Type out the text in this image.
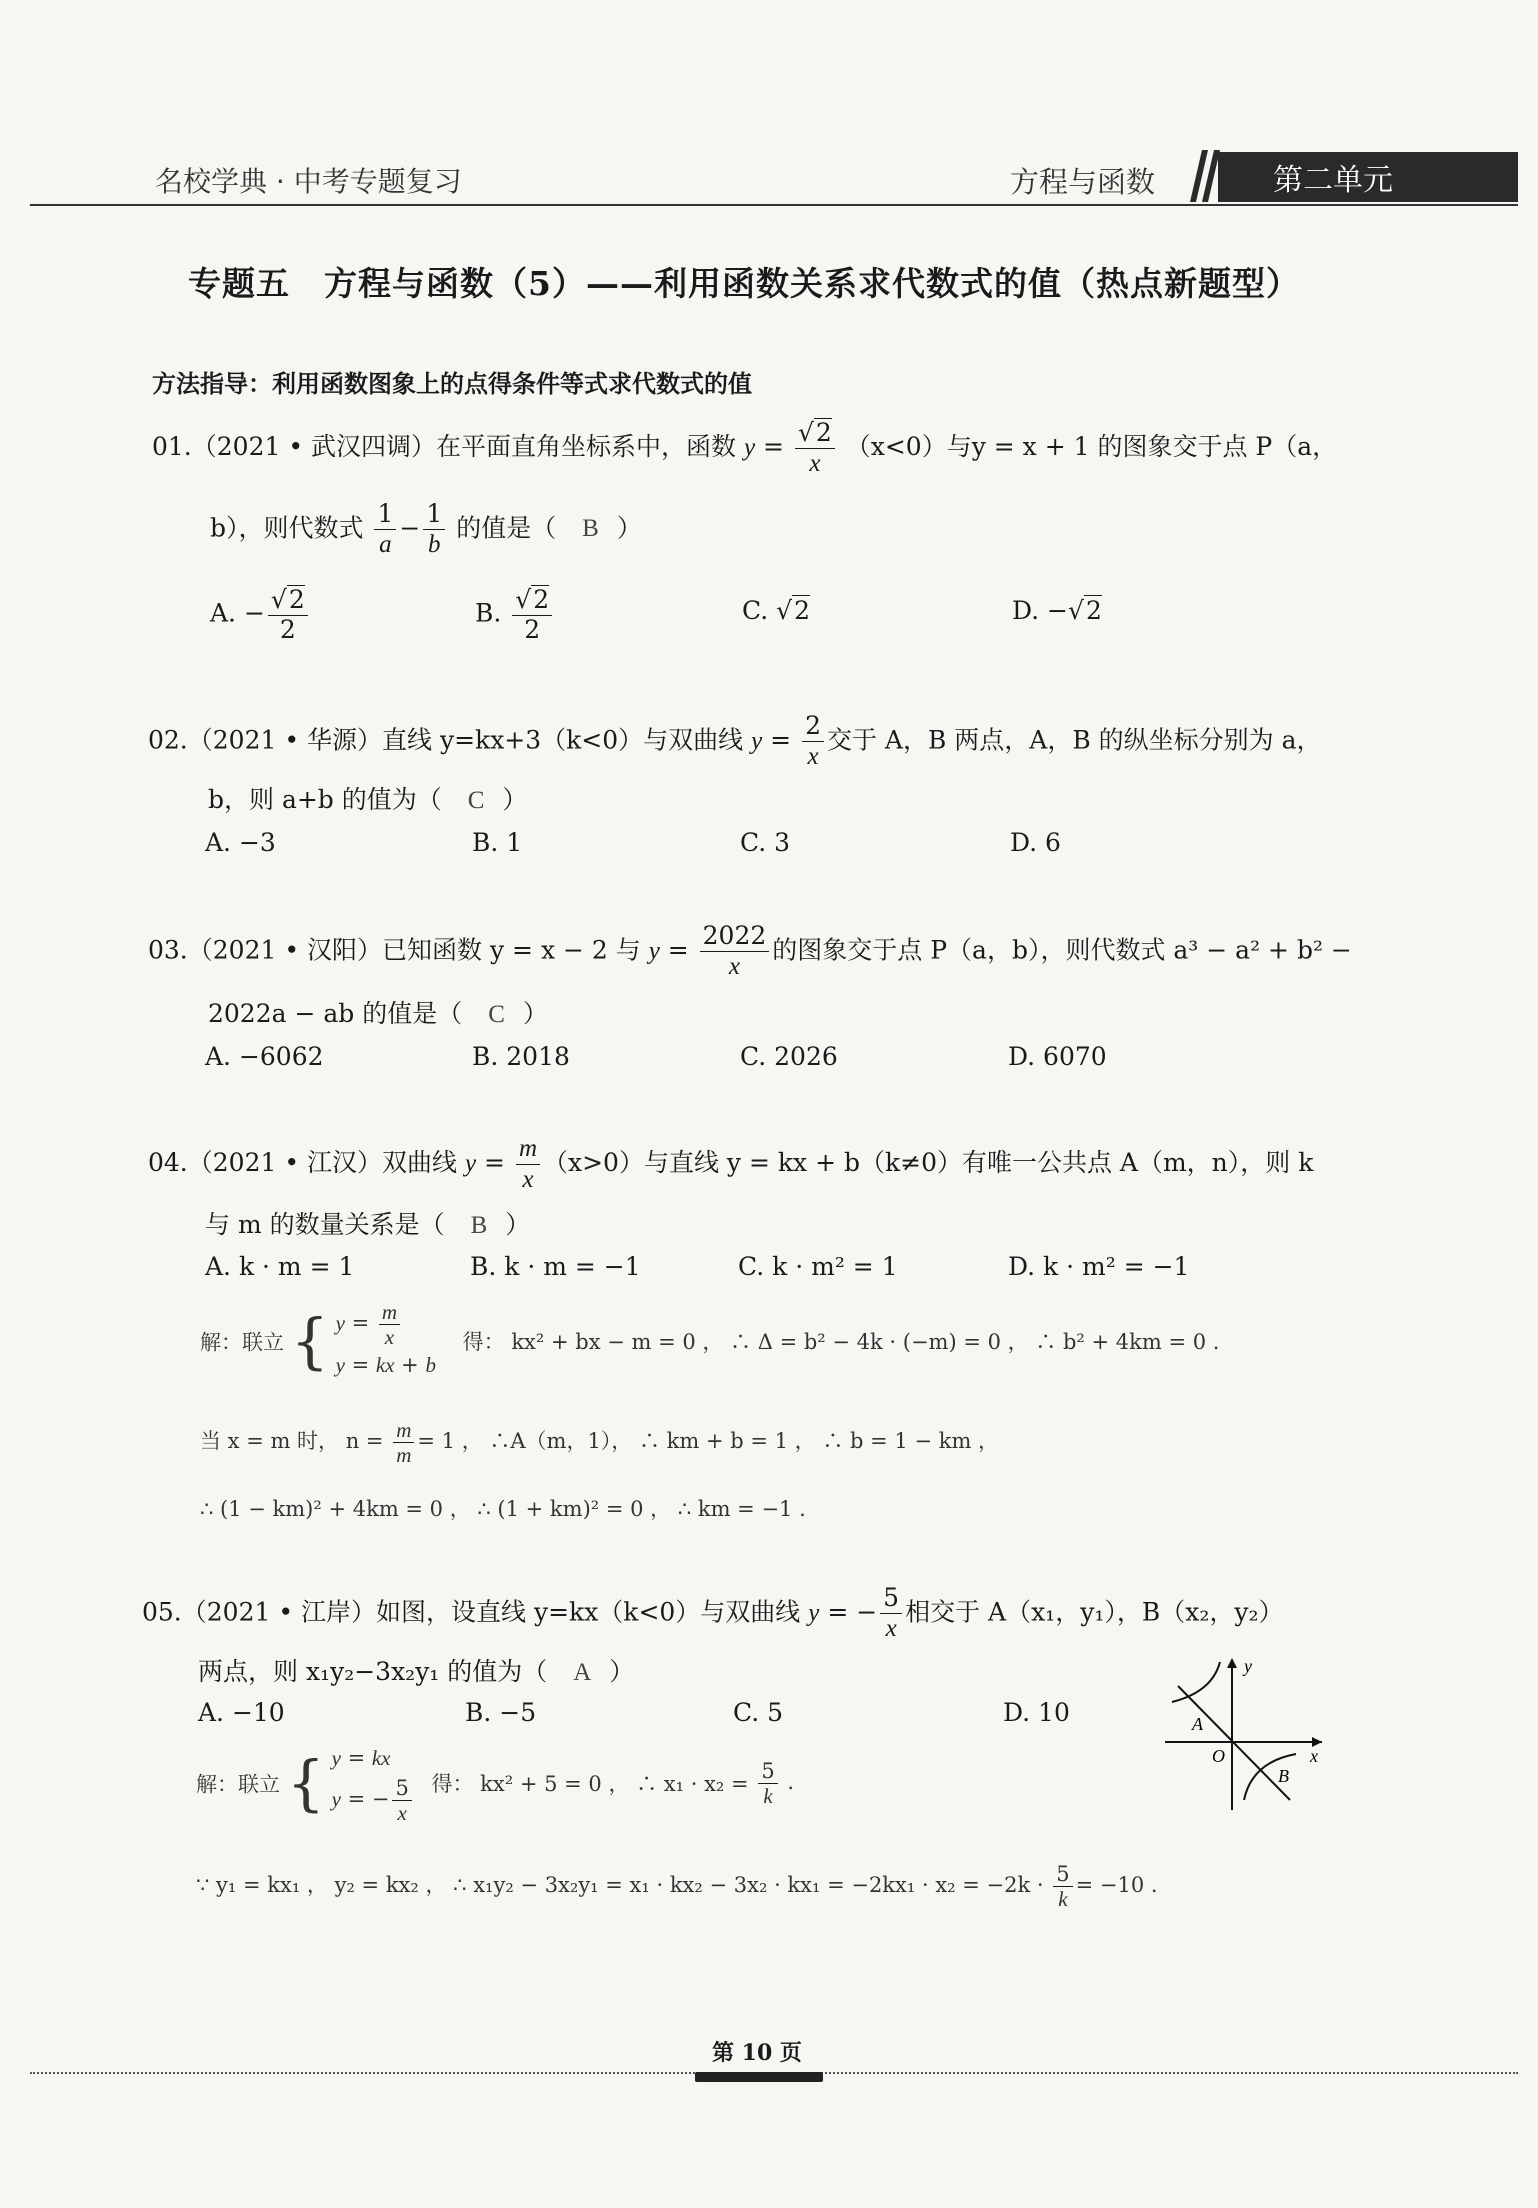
名校学典 · 中考专题复习	方程与函数	第二单元
专题五　方程与函数（5）——利用函数关系求代数式的值（热点新题型）
方法指导：利用函数图象上的点得条件等式求代数式的值
01.（2021 • 武汉四调）在平面直角坐标系中，函数 $y = \frac{√2}{x} (x<0)$与y = x + 1 的图象交于点 P（a，
b），则代数式 $\frac{1}{a} - \frac{1}{b}$ 的值是（ B ）
A. − $\frac{√2}{2}$	B. $\frac{√2}{2}$	C. √2	D. −√2
02.（2021 • 华源）直线 y=kx+3（k<0）与双曲线 $y = \frac{2}{x}$ 交于 A，B 两点，A，B 的纵坐标分别为 a，
b，则 a+b 的值为（ C ）
A. −3	B. 1	C. 3	D. 6
03.（2021 • 汉阳）已知函数 y = x − 2 与 $y = \frac{2022}{x}$ 的图象交于点 P（a，b），则代数式 a³ − a² + b² −
2022a − ab 的值是（ C ）
A. −6062	B. 2018	C. 2026	D. 6070
04.（2021 • 江汉）双曲线 $y = \frac{m}{x} (x>0)$与直线 y = kx + b（k≠0）有唯一公共点 A（m，n），则 k
与 m 的数量关系是（ B ）
A. k · m = 1	B. k · m = −1	C. k · m² = 1	D. k · m² = −1
解：联立 { $y = \frac{m}{x}$
y = kx + b
得： kx² + bx − m = 0 ， ∴ Δ = b² − 4k · (−m) = 0 ， ∴ b² + 4km = 0 .
当 x = m 时， $n = \frac{m}{m} = 1$ ， ∴A（m，1）， ∴ km + b = 1 ， ∴ b = 1 − km ，
∴ (1 − km)² + 4km = 0 ， ∴ (1 + km)² = 0 ， ∴ km = −1 .
05.（2021 • 江岸）如图，设直线 y=kx（k<0）与双曲线 y = − $\frac{5}{x}$ 相交于 A（x₁，y₁），B（x₂，y₂）
两点，则 x₁y₂−3x₂y₁ 的值为（ A ）
A. −10	B. −5	C. 5	D. 10
y
x
O
A
B
解：联立 { y = kx
y = − $\frac{5}{x}$ 得： kx² + 5 = 0 ， ∴ $x_1 \cdot x_2 = \frac{5}{k}$ .
∵ y₁ = kx₁ ， y₂ = kx₂ ， ∴ $x_1y_2 - 3x_2y_1 = x_1 \cdot kx_2 - 3x_2 \cdot kx_1 = -2kx_1 \cdot x_2 = -2k \cdot \frac{5}{k} = -10$ .
第 10 页
